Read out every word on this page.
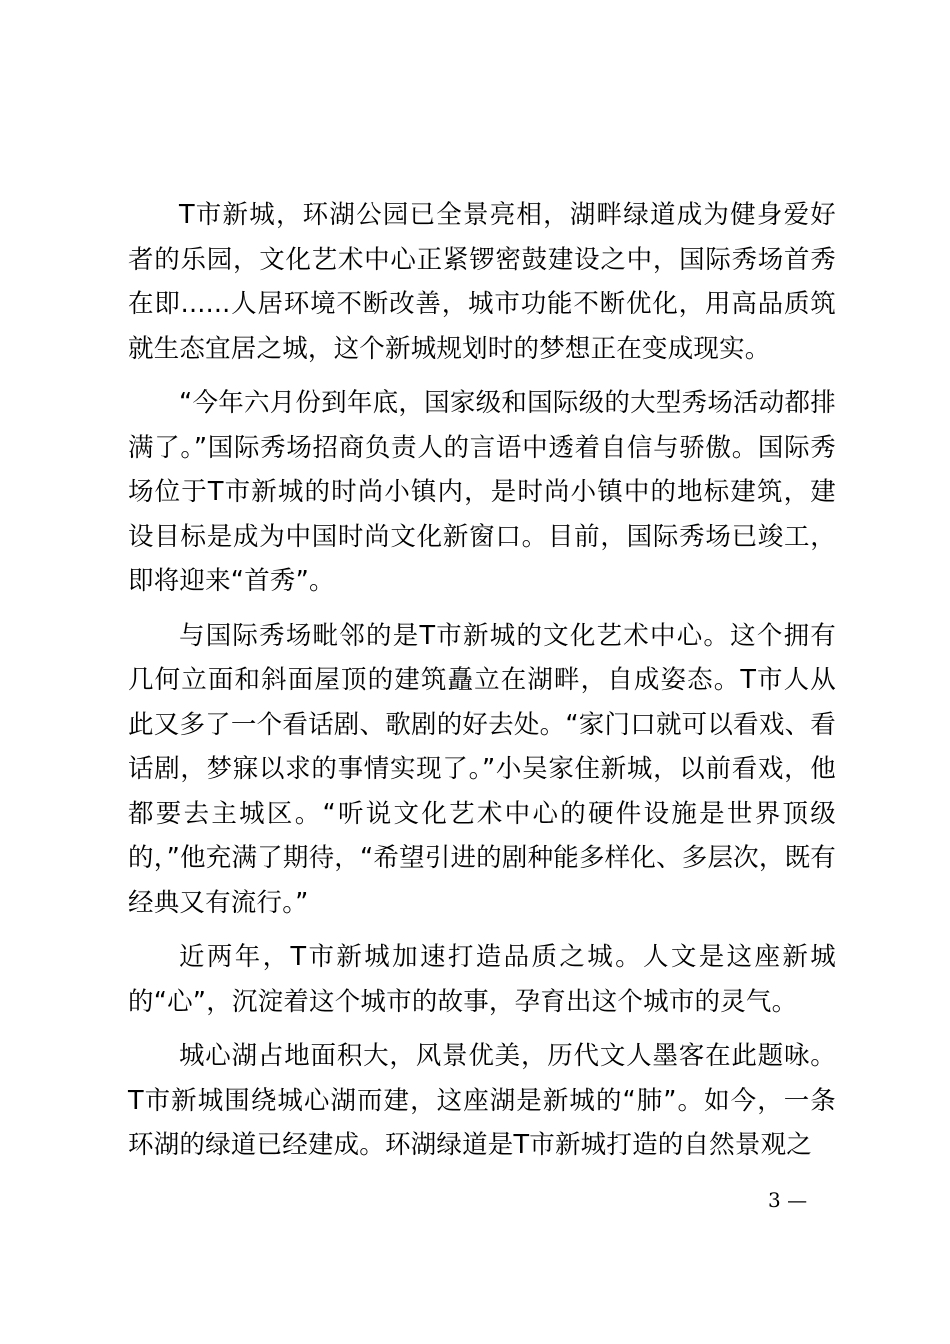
T市新城，环湖公园已全景亮相，湖畔绿道成为健身爱好者的乐园，文化艺术中心正紧锣密鼓建设之中，国际秀场首秀在即......人居环境不断改善，城市功能不断优化，用高品质筑就生态宜居之城，这个新城规划时的梦想正在变成现实。

“今年六月份到年底，国家级和国际级的大型秀场活动都排满了。”国际秀场招商负责人的言语中透着自信与骄傲。国际秀场位于T市新城的时尚小镇内，是时尚小镇中的地标建筑，建设目标是成为中国时尚文化新窗口。目前，国际秀场已竣工，即将迎来“首秀”。

与国际秀场毗邻的是T市新城的文化艺术中心。这个拥有几何立面和斜面屋顶的建筑矗立在湖畔，自成姿态。T市人从此又多了一个看话剧、歌剧的好去处。“家门口就可以看戏、看话剧，梦寐以求的事情实现了。”小吴家住新城，以前看戏，他都要去主城区。“听说文化艺术中心的硬件设施是世界顶级的，”他充满了期待，“希望引进的剧种能多样化、多层次，既有经典又有流行。”

近两年，T市新城加速打造品质之城。人文是这座新城的“心”，沉淀着这个城市的故事，孕育出这个城市的灵气。

城心湖占地面积大，风景优美，历代文人墨客在此题咏。T市新城围绕城心湖而建，这座湖是新城的“肺”。如今，一条环湖的绿道已经建成。环湖绿道是T市新城打造的自然景观之

3 —
